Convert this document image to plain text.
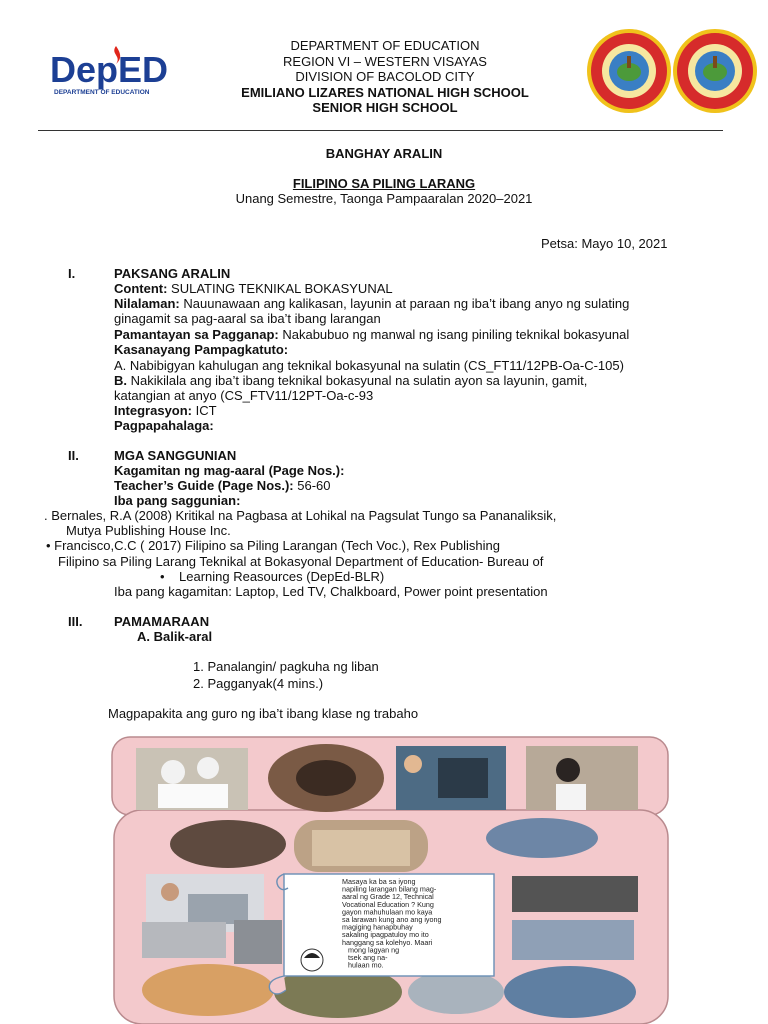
DepED
DEPARTMENT OF EDUCATION
DEPARTMENT OF EDUCATION
REGION VI – WESTERN VISAYAS
DIVISION OF BACOLOD CITY
EMILIANO LIZARES NATIONAL HIGH SCHOOL
SENIOR HIGH SCHOOL
BANGHAY ARALIN
FILIPINO SA PILING LARANG
Unang Semestre, Taonga Pampaaralan 2020–2021
Petsa: Mayo 10, 2021
I.	PAKSANG ARALIN
Content: SULATING TEKNIKAL BOKASYUNAL
Nilalaman: Nauunawaan ang kalikasan, layunin at paraan ng iba’t ibang anyo ng sulating
ginagamit sa pag-aaral sa iba’t ibang larangan
Pamantayan sa Pagganap: Nakabubuo ng manwal ng isang piniling teknikal bokasyunal
Kasanayang Pampagkatuto:
A. Nabibigyan kahulugan ang teknikal bokasyunal na sulatin (CS_FT11/12PB-Oa-C-105)
B. Nakikilala ang iba’t ibang teknikal bokasyunal na sulatin ayon sa layunin, gamit,
katangian at anyo (CS_FTV11/12PT-Oa-c-93
Integrasyon: ICT
Pagpapahalaga:
II.	MGA SANGGUNIAN
Kagamitan ng mag-aaral (Page Nos.):
Teacher’s Guide (Page Nos.): 56-60
Iba pang saggunian:
. Bernales, R.A (2008) Kritikal na Pagbasa at Lohikal na Pagsulat Tungo sa Pananaliksik,
Mutya Publishing House Inc.
• Francisco,C.C ( 2017) Filipino sa Piling Larangan (Tech Voc.), Rex Publishing
Filipino sa Piling Larang Teknikal at Bokasyonal Department of Education- Bureau of
• Learning Reasources (DepEd-BLR)
Iba pang kagamitan: Laptop, Led TV, Chalkboard, Power point presentation
III. PAMAMARAAN
A. Balik-aral
1. Panalangin/ pagkuha ng liban
2. Pagganyak(4 mins.)
Magpapakita ang guro ng iba’t ibang klase ng trabaho
Masaya ka ba sa iyong
napiling larangan bilang mag-
aaral ng Grade 12, Technical
Vocational Education ? Kung
gayon mahuhulaan mo kaya
sa larawan kung ano ang iyong
magiging hanapbuhay
sakaling ipagpatuloy mo ito
hanggang sa kolehyo. Maari
mong lagyan ng
tsek ang na-
hulaan mo.
